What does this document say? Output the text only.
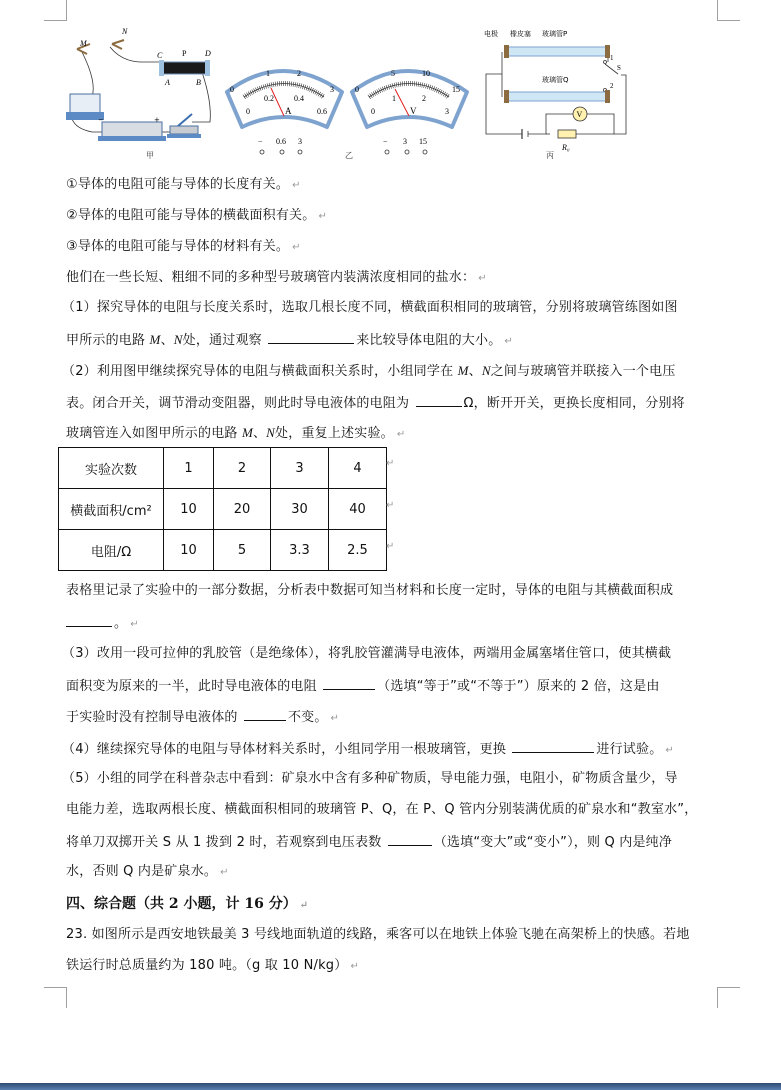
M
N
C P D
A	B
+
−
甲
0
1	2
3
0
0.2	0.4
0.6
A
− 0.6 3
0
5	10
15
0
1	2
3
V
− 3 15
乙
V
电极 橡皮塞 玻璃管P
玻璃管Q
1
S
2
R₀
丙
①导体的电阻可能与导体的长度有关。 ↵
②导体的电阻可能与导体的横截面积有关。 ↵
③导体的电阻可能与导体的材料有关。 ↵
他们在一些长短、粗细不同的多种型号玻璃管内装满浓度相同的盐水： ↵
（1）探究导体的电阻与长度关系时，选取几根长度不同，横截面积相同的玻璃管，分别将玻璃管练图如图
甲所示的电路 M、N处，通过观察	来比较导体电阻的大小。 ↵
（2）利用图甲继续探究导体的电阻与横截面积关系时，小组同学在 M、N之间与玻璃管并联接入一个电压
表。闭合开关，调节滑动变阻器，则此时导电液体的电阻为	Ω，断开开关，更换长度相同，分别将
玻璃管连入如图甲所示的电路 M、N处，重复上述实验。 ↵
实验次数	1	2	3	4
横截面积/cm²	10	20	30	40
电阻/Ω	10	5	3.3	2.5
↵
↵
↵
表格里记录了实验中的一部分数据，分析表中数据可知当材料和长度一定时，导体的电阻与其横截面积成
。 ↵
（3）改用一段可拉伸的乳胶管（是绝缘体），将乳胶管灌满导电液体，两端用金属塞堵住管口，使其横截
面积变为原来的一半，此时导电液体的电阻	（选填“等于”或“不等于”）原来的 2 倍，这是由
于实验时没有控制导电液体的	不变。 ↵
（4）继续探究导体的电阻与导体材料关系时，小组同学用一根玻璃管，更换	进行试验。 ↵
（5）小组的同学在科普杂志中看到：矿泉水中含有多种矿物质，导电能力强，电阻小，矿物质含量少，导
电能力差，选取两根长度、横截面积相同的玻璃管 P、Q，在 P、Q 管内分别装满优质的矿泉水和“教室水”，
将单刀双掷开关 S 从 1 拨到 2 时，若观察到电压表数	（选填“变大”或“变小”），则 Q 内是纯净
水，否则 Q 内是矿泉水。 ↵
四、综合题（共 2 小题，计 16 分） ↵
23. 如图所示是西安地铁最美 3 号线地面轨道的线路，乘客可以在地铁上体验飞驰在高架桥上的快感。若地
铁运行时总质量约为 180 吨。（g 取 10 N/kg） ↵
